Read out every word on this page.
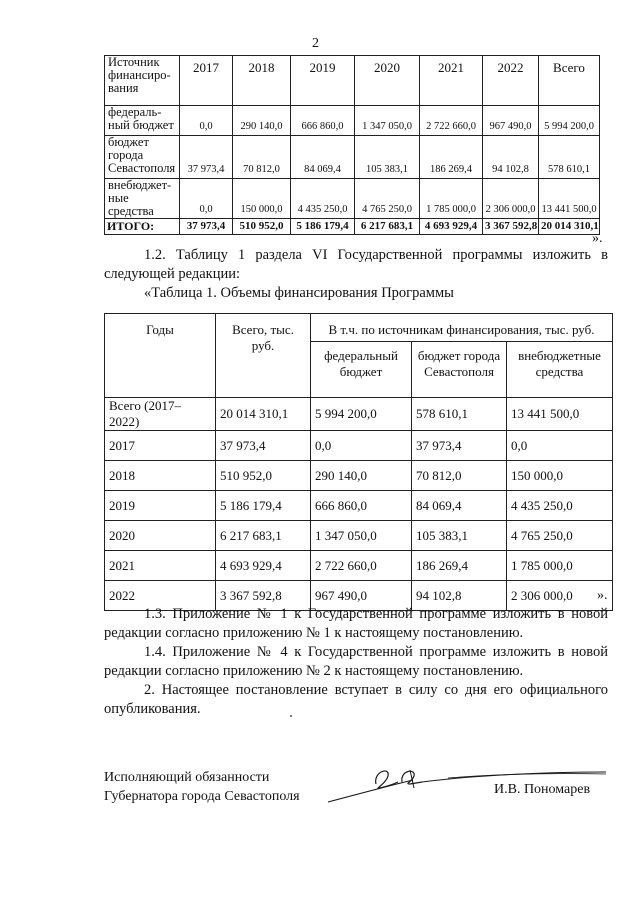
2
Источник финансиро-вания	2017	2018	2019	2020	2021	2022	Всего
федераль-ный бюджет	0,0	290 140,0	666 860,0	1 347 050,0	2 722 660,0	967 490,0	5 994 200,0
бюджет города Севастополя	37 973,4	70 812,0	84 069,4	105 383,1	186 269,4	94 102,8	578 610,1
внебюджет-ные средства	0,0	150 000,0	4 435 250,0	4 765 250,0	1 785 000,0	2 306 000,0	13 441 500,0
ИТОГО:	37 973,4	510 952,0	5 186 179,4	6 217 683,1	4 693 929,4	3 367 592,8	20 014 310,1
».
1.2. Таблицу 1 раздела VI Государственной программы изложить в следующей редакции:
«Таблица 1. Объемы финансирования Программы
Годы	Всего, тыс. руб.	В т.ч. по источникам финансирования, тыс. руб.		
		федеральный бюджет	бюджет города Севастополя	внебюджетные средства
Всего (2017–2022)	20 014 310,1	5 994 200,0	578 610,1	13 441 500,0
2017	37 973,4	0,0	37 973,4	0,0
2018	510 952,0	290 140,0	70 812,0	150 000,0
2019	5 186 179,4	666 860,0	84 069,4	4 435 250,0
2020	6 217 683,1	1 347 050,0	105 383,1	4 765 250,0
2021	4 693 929,4	2 722 660,0	186 269,4	1 785 000,0
2022	3 367 592,8	967 490,0	94 102,8	2 306 000,0 ».
1.3. Приложение № 1 к Государственной программе изложить в новой редакции согласно приложению № 1 к настоящему постановлению.
1.4. Приложение № 4 к Государственной программе изложить в новой редакции согласно приложению № 2 к настоящему постановлению.
2. Настоящее постановление вступает в силу со дня его официального опубликования.
Исполняющий обязанности
Губернатора города Севастополя	И.В. Пономарев
